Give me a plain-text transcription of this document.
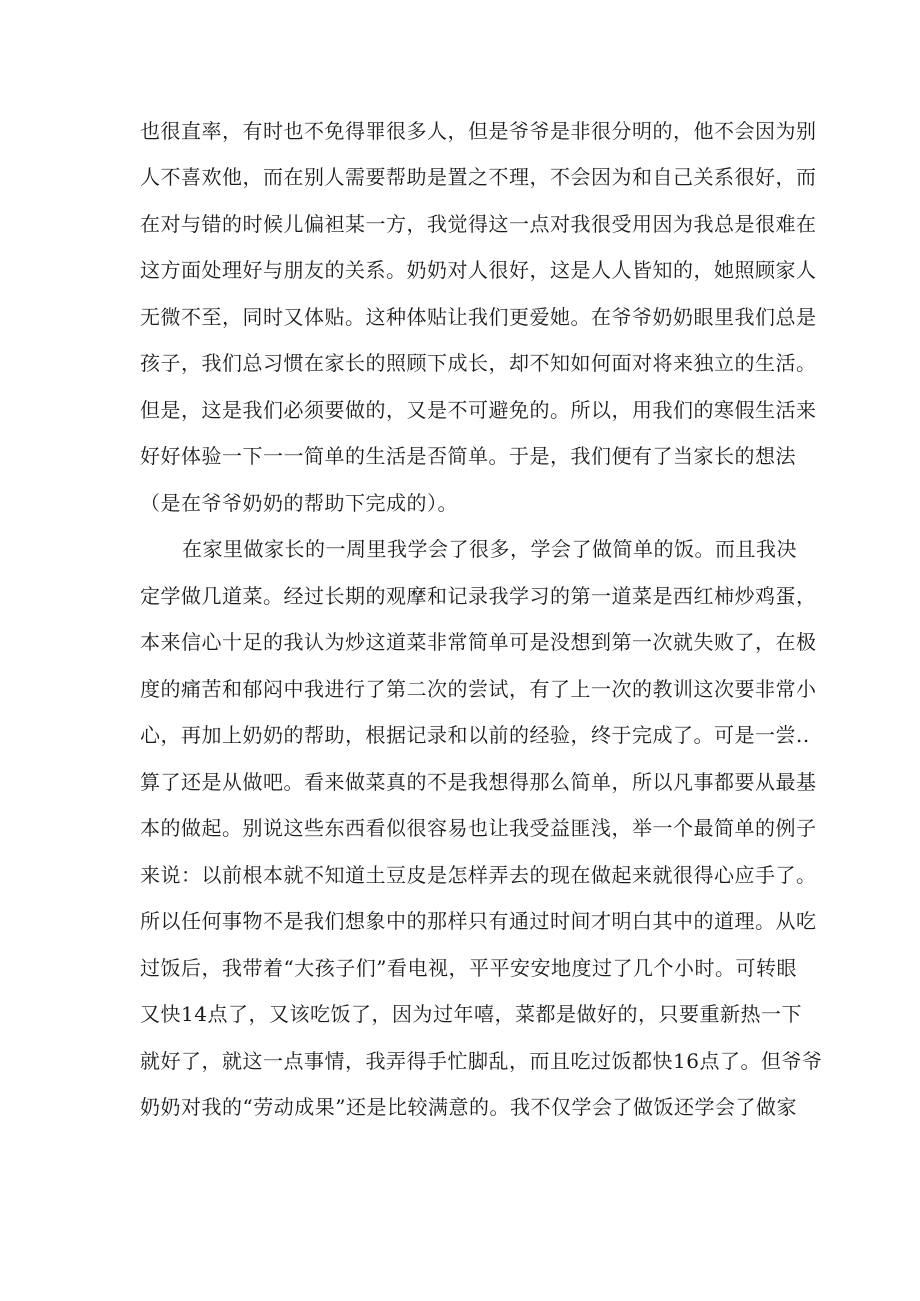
也很直率，有时也不免得罪很多人，但是爷爷是非很分明的，他不会因为别
人不喜欢他，而在别人需要帮助是置之不理，不会因为和自己关系很好，而
在对与错的时候儿偏袒某一方，我觉得这一点对我很受用因为我总是很难在
这方面处理好与朋友的关系。奶奶对人很好，这是人人皆知的，她照顾家人
无微不至，同时又体贴。这种体贴让我们更爱她。在爷爷奶奶眼里我们总是
孩子，我们总习惯在家长的照顾下成长，却不知如何面对将来独立的生活。
但是，这是我们必须要做的，又是不可避免的。所以，用我们的寒假生活来
好好体验一下一一简单的生活是否简单。于是，我们便有了当家长的想法
（是在爷爷奶奶的帮助下完成的）。
在家里做家长的一周里我学会了很多，学会了做简单的饭。而且我决
定学做几道菜。经过长期的观摩和记录我学习的第一道菜是西红柿炒鸡蛋，
本来信心十足的我认为炒这道菜非常简单可是没想到第一次就失败了，在极
度的痛苦和郁闷中我进行了第二次的尝试，有了上一次的教训这次要非常小
心，再加上奶奶的帮助，根据记录和以前的经验，终于完成了。可是一尝..
算了还是从做吧。看来做菜真的不是我想得那么简单，所以凡事都要从最基
本的做起。别说这些东西看似很容易也让我受益匪浅，举一个最简单的例子
来说：以前根本就不知道土豆皮是怎样弄去的现在做起来就很得心应手了。
所以任何事物不是我们想象中的那样只有通过时间才明白其中的道理。从吃
过饭后，我带着“大孩子们”看电视，平平安安地度过了几个小时。可转眼
又快14点了，又该吃饭了，因为过年嘻，菜都是做好的，只要重新热一下
就好了，就这一点事情，我弄得手忙脚乱，而且吃过饭都快16点了。但爷爷
奶奶对我的“劳动成果”还是比较满意的。我不仅学会了做饭还学会了做家
